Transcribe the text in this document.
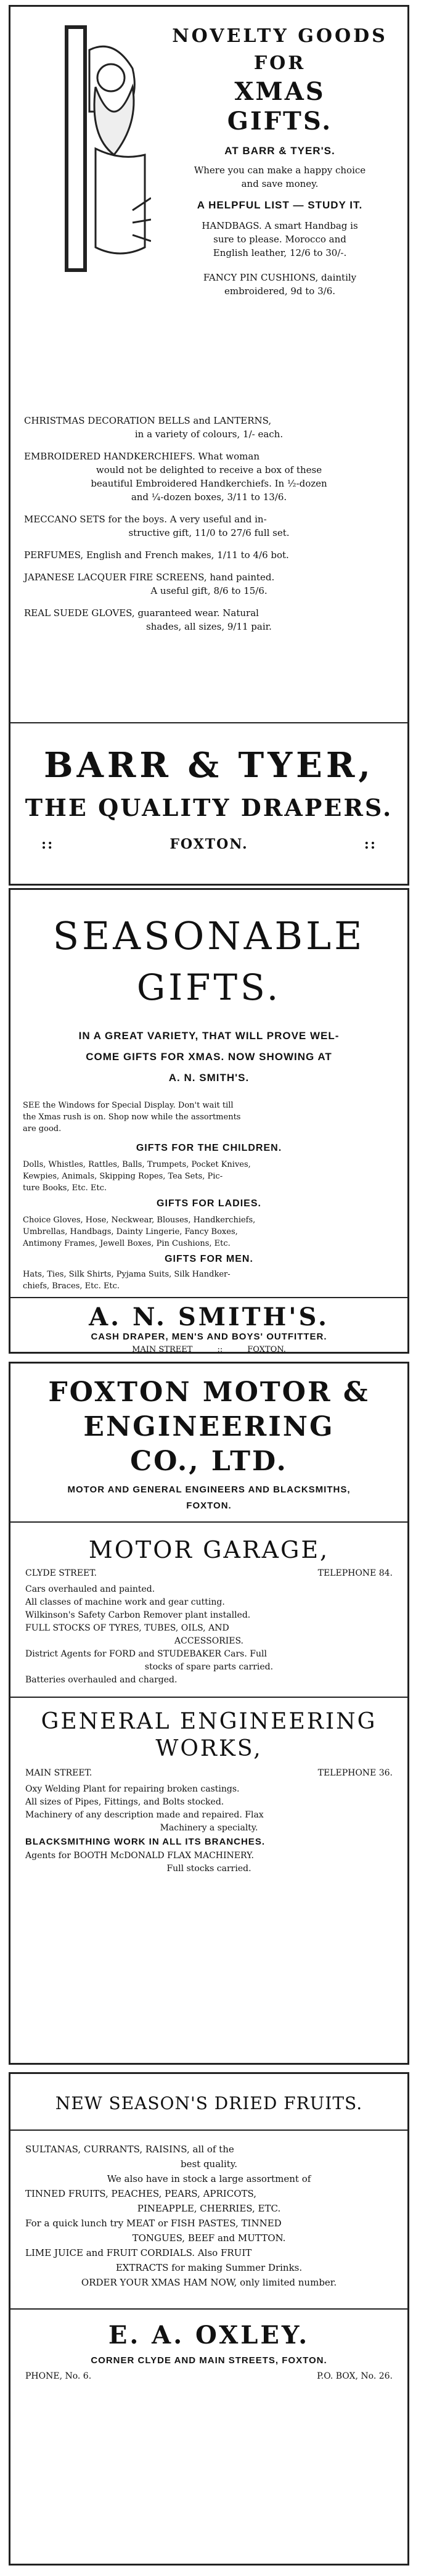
NOVELTY GOODS
FOR
XMAS
GIFTS.
AT BARR & TYER'S.

Where you can make a happy choice

and save money.

A HELPFUL LIST — STUDY IT.

HANDBAGS. A smart Handbag is

sure to please. Morocco and

English leather, 12/6 to 30/-.

FANCY PIN CUSHIONS, daintily

embroidered, 9d to 3/6.

CHRISTMAS DECORATION BELLS and LANTERNS,

in a variety of colours, 1/- each.

EMBROIDERED HANDKERCHIEFS. What woman

would not be delighted to receive a box of these

beautiful Embroidered Handkerchiefs. In ½-dozen

and ¼-dozen boxes, 3/11 to 13/6.

MECCANO SETS for the boys. A very useful and in-

structive gift, 11/0 to 27/6 full set.

PERFUMES, English and French makes, 1/11 to 4/6 bot.

JAPANESE LACQUER FIRE SCREENS, hand painted.

A useful gift, 8/6 to 15/6.

REAL SUEDE GLOVES, guaranteed wear. Natural

shades, all sizes, 9/11 pair.

BARR & TYER,
THE QUALITY DRAPERS.
::	FOXTON.	::
SEASONABLE
GIFTS.
IN A GREAT VARIETY, THAT WILL PROVE WEL-
COME GIFTS FOR XMAS. NOW SHOWING AT
A. N. SMITH'S.

SEE the Windows for Special Display. Don't wait till

the Xmas rush is on. Shop now while the assortments

are good.

GIFTS FOR THE CHILDREN.

Dolls, Whistles, Rattles, Balls, Trumpets, Pocket Knives,

Kewpies, Animals, Skipping Ropes, Tea Sets, Pic-

ture Books, Etc. Etc.

GIFTS FOR LADIES.

Choice Gloves, Hose, Neckwear, Blouses, Handkerchiefs,

Umbrellas, Handbags, Dainty Lingerie, Fancy Boxes,

Antimony Frames, Jewell Boxes, Pin Cushions, Etc.

GIFTS FOR MEN.

Hats, Ties, Silk Shirts, Pyjama Suits, Silk Handker-

chiefs, Braces, Etc. Etc.

A. N. SMITH'S.
CASH DRAPER, MEN'S AND BOYS' OUTFITTER.
MAIN STREET	::	FOXTON.
FOXTON MOTOR &
ENGINEERING
CO., LTD.
MOTOR AND GENERAL ENGINEERS AND BLACKSMITHS,
FOXTON.
MOTOR GARAGE,
CLYDE STREET.	TELEPHONE 84.

Cars overhauled and painted.

All classes of machine work and gear cutting.

Wilkinson's Safety Carbon Remover plant installed.

FULL STOCKS OF TYRES, TUBES, OILS, AND

ACCESSORIES.

District Agents for FORD and STUDEBAKER Cars. Full

stocks of spare parts carried.

Batteries overhauled and charged.

GENERAL ENGINEERING
WORKS,
MAIN STREET.	TELEPHONE 36.

Oxy Welding Plant for repairing broken castings.

All sizes of Pipes, Fittings, and Bolts stocked.

Machinery of any description made and repaired. Flax

Machinery a specialty.

BLACKSMITHING WORK IN ALL ITS BRANCHES.

Agents for BOOTH McDONALD FLAX MACHINERY.

Full stocks carried.

NEW SEASON'S DRIED FRUITS.

SULTANAS, CURRANTS, RAISINS, all of the

best quality.

We also have in stock a large assortment of

TINNED FRUITS, PEACHES, PEARS, APRICOTS,

PINEAPPLE, CHERRIES, ETC.

For a quick lunch try MEAT or FISH PASTES, TINNED

TONGUES, BEEF and MUTTON.

LIME JUICE and FRUIT CORDIALS. Also FRUIT

EXTRACTS for making Summer Drinks.

ORDER YOUR XMAS HAM NOW, only limited number.

E. A. OXLEY.
CORNER CLYDE AND MAIN STREETS, FOXTON.
PHONE, No. 6.	P.O. BOX, No. 26.
